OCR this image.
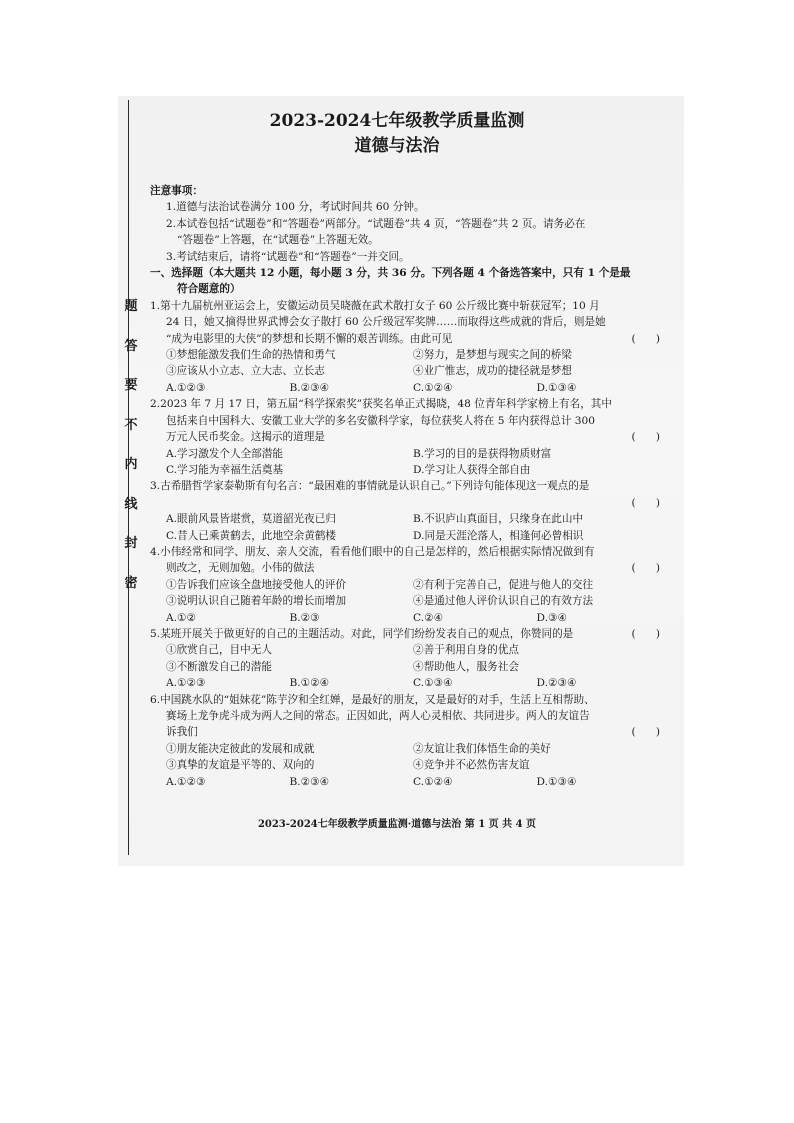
题
答
要
不
内
线
封
密
2023-2024七年级教学质量监测
道德与法治

注意事项：

1.道德与法治试卷满分 100 分，考试时间共 60 分钟。

2.本试卷包括“试题卷”和“答题卷”两部分。“试题卷”共 4 页，“答题卷”共 2 页。请务必在

“答题卷”上答题，在“试题卷”上答题无效。

3.考试结束后，请将“试题卷”和“答题卷”一并交回。

一、选择题（本大题共 12 小题，每小题 3 分，共 36 分。下列各题 4 个备选答案中，只有 1 个是最

符合题意的）

1.第十九届杭州亚运会上，安徽运动员吴晓薇在武术散打女子 60 公斤级比赛中斩获冠军；10 月

24 日，她又摘得世界武博会女子散打 60 公斤级冠军奖牌……而取得这些成就的背后，则是她

“成为电影里的大侠”的梦想和长期不懈的艰苦训练。由此可见	(      )
①梦想能激发我们生命的热情和勇气	②努力，是梦想与现实之间的桥梁
③应该从小立志、立大志、立长志	④业广惟志，成功的捷径就是梦想
A.①②③	B.②③④	C.①②④	D.①③④

2.2023 年 7 月 17 日，第五届“科学探索奖”获奖名单正式揭晓，48 位青年科学家榜上有名，其中

包括来自中国科大、安徽工业大学的多名安徽科学家，每位获奖人将在 5 年内获得总计 300

万元人民币奖金。这揭示的道理是	(      )
A.学习激发个人全部潜能	B.学习的目的是获得物质财富
C.学习能为幸福生活奠基	D.学习让人获得全部自由

3.古希腊哲学家泰勒斯有句名言：“最困难的事情就是认识自己。”下列诗句能体现这一观点的是

(      )
A.眼前风景皆堪赏，莫道韶光夜已归	B.不识庐山真面目，只缘身在此山中
C.昔人已乘黄鹤去，此地空余黄鹤楼	D.同是天涯沦落人，相逢何必曾相识

4.小伟经常和同学、朋友、亲人交流，看看他们眼中的自己是怎样的，然后根据实际情况做到有

则改之，无则加勉。小伟的做法	(      )
①告诉我们应该全盘地接受他人的评价	②有利于完善自己，促进与他人的交往
③说明认识自己随着年龄的增长而增加	④是通过他人评价认识自己的有效方法
A.①②	B.②③	C.②④	D.③④
5.某班开展关于做更好的自己的主题活动。对此，同学们纷纷发表自己的观点，你赞同的是	(      )
①欣赏自己，目中无人	②善于利用自身的优点
③不断激发自己的潜能	④帮助他人，服务社会
A.①②③	B.①②④	C.①③④	D.②③④

6.中国跳水队的“姐妹花”陈芋汐和全红婵，是最好的朋友，又是最好的对手，生活上互相帮助、

赛场上龙争虎斗成为两人之间的常态。正因如此，两人心灵相依、共同进步。两人的友谊告

诉我们	(      )
①朋友能决定彼此的发展和成就	②友谊让我们体悟生命的美好
③真挚的友谊是平等的、双向的	④竞争并不必然伤害友谊
A.①②③	B.②③④	C.①②④	D.①③④
2023-2024七年级教学质量监测·道德与法治 第 1 页 共 4 页
